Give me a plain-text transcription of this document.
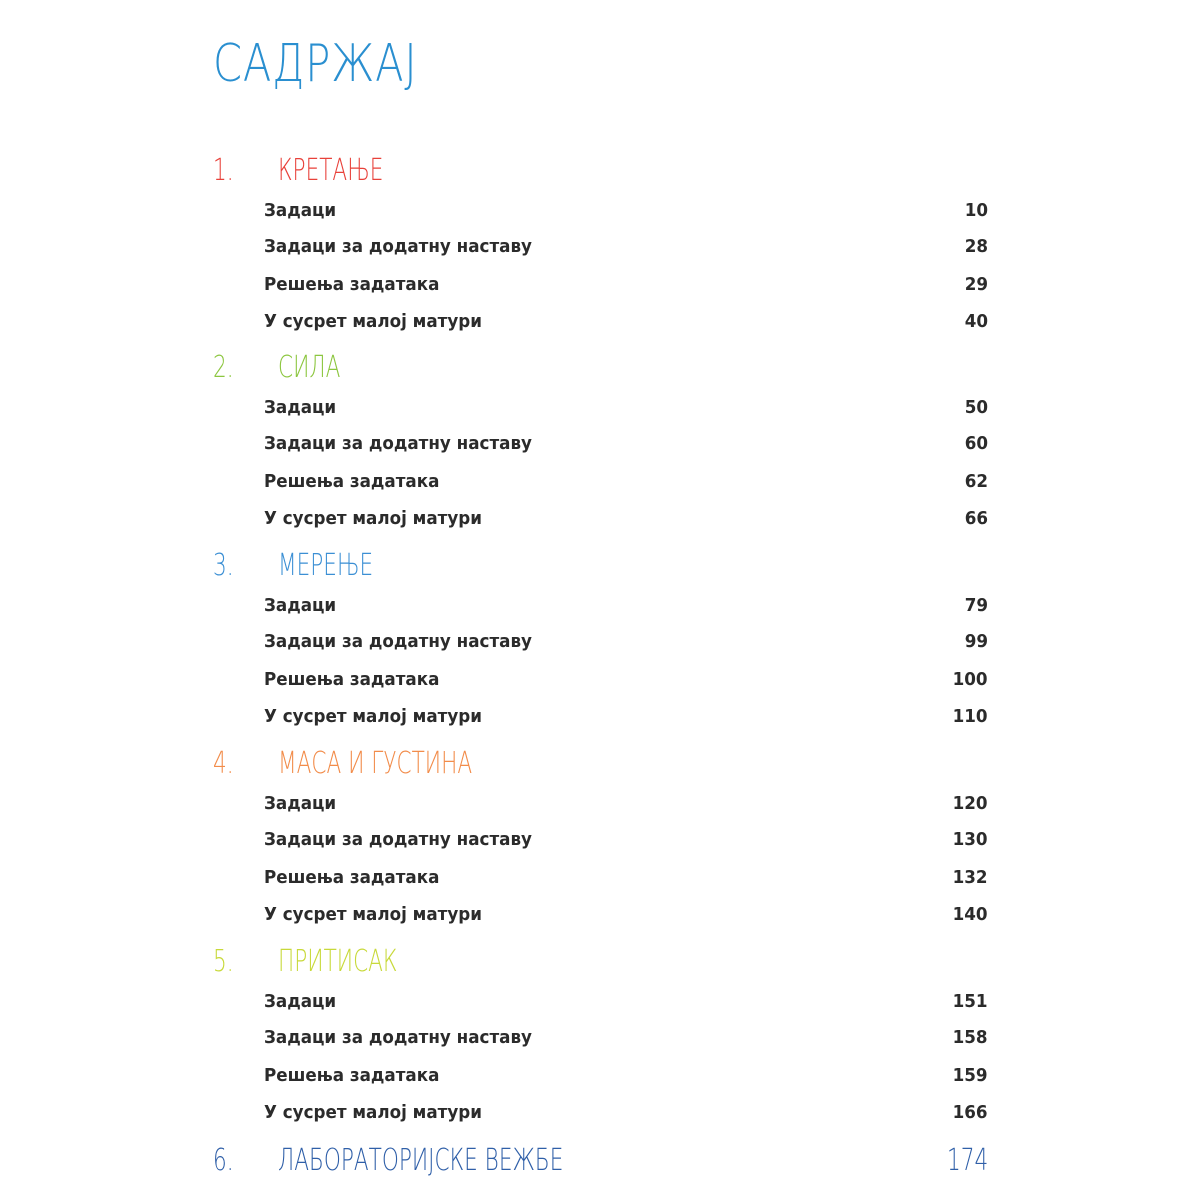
САДРЖАЈ
1. КРЕТАЊЕ
Задаци	10
Задаци за додатну наставу	28
Решења задатака	29
У сусрет малој матури	40
2. СИЛА
Задаци	50
Задаци за додатну наставу	60
Решења задатака	62
У сусрет малој матури	66
3. МЕРЕЊЕ
Задаци	79
Задаци за додатну наставу	99
Решења задатака	100
У сусрет малој матури	110
4. МАСА И ГУСТИНА
Задаци	120
Задаци за додатну наставу	130
Решења задатака	132
У сусрет малој матури	140
5. ПРИТИСАК
Задаци	151
Задаци за додатну наставу	158
Решења задатака	159
У сусрет малој матури	166
6. ЛАБОРАТОРИЈСКЕ ВЕЖБЕ	174
